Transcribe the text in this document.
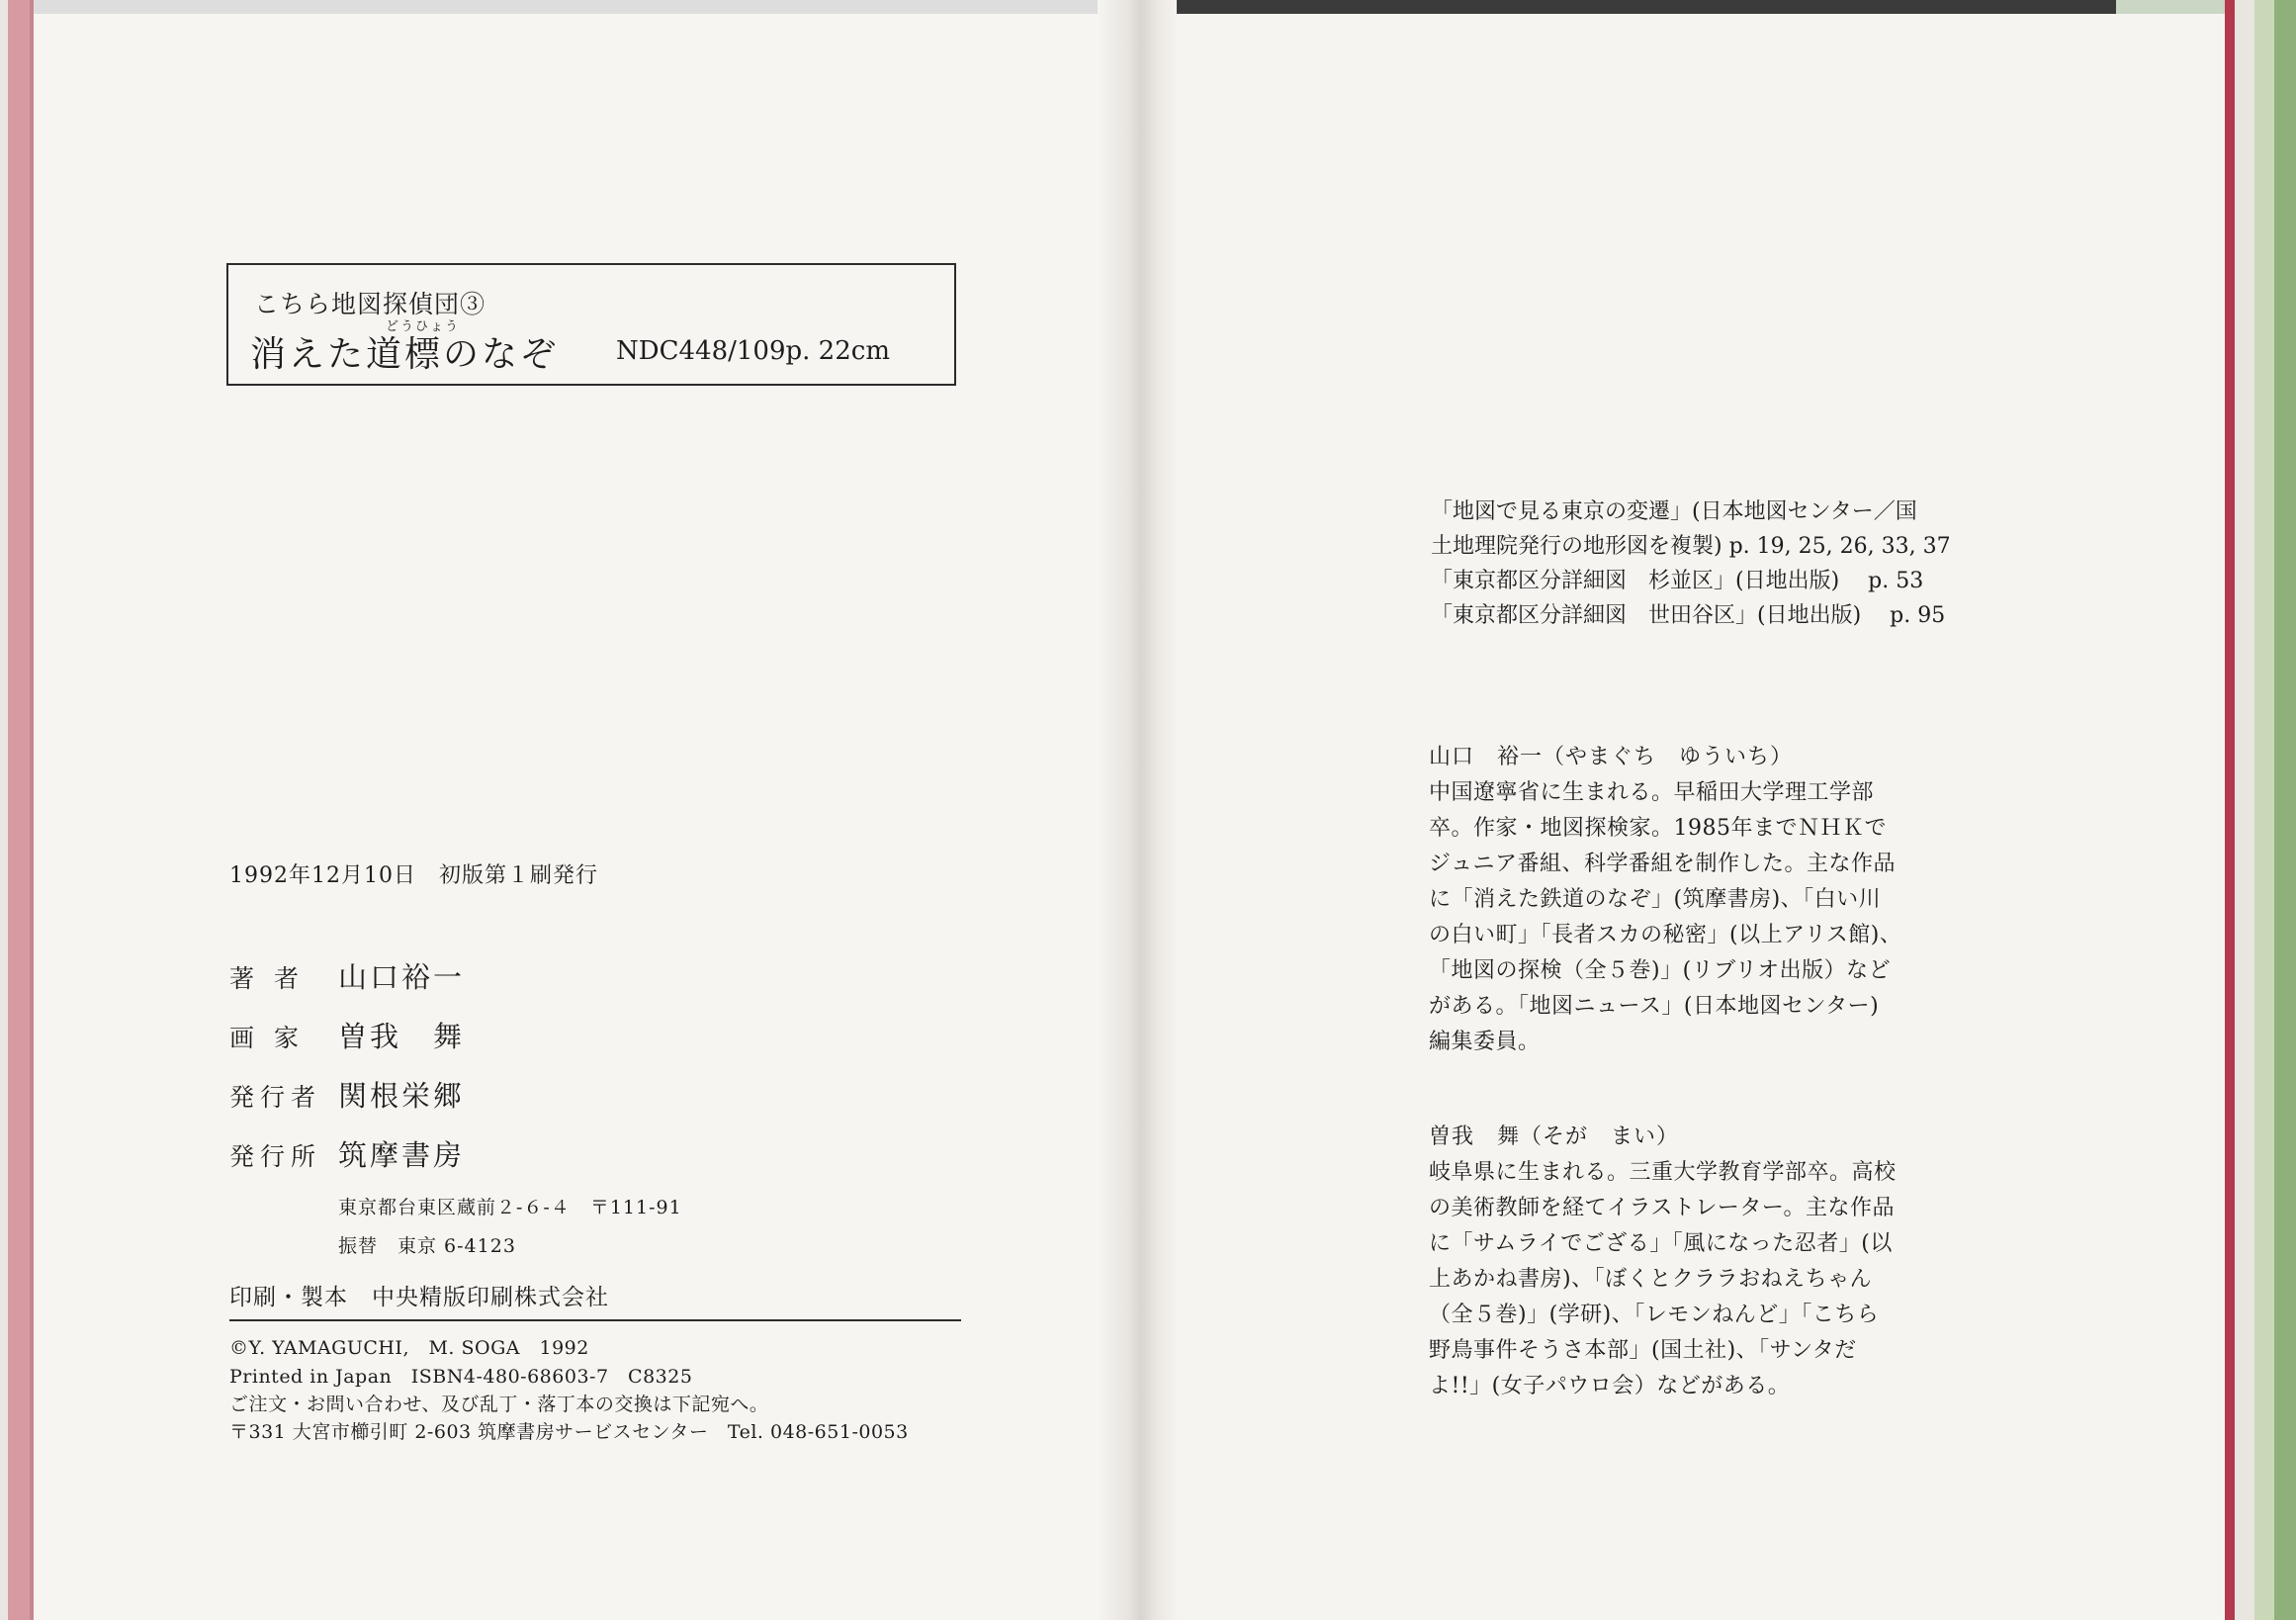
こちら地図探偵団③
どうひょう
消えた道標のなぞ NDC448/109p. 22cm
1992年12月10日　初版第１刷発行
著 者	山口裕一
画 家	曽我　舞
発行者 関根栄郷
発行所 筑摩書房
東京都台東区蔵前２-６-４　〒111-91
振替　東京 6-4123
印刷・製本　中央精版印刷株式会社
©Y. YAMAGUCHI,　M. SOGA　1992
Printed in Japan　ISBN4-480-68603-7　C8325
ご注文・お問い合わせ、及び乱丁・落丁本の交換は下記宛へ。
〒331 大宮市櫛引町 2-603 筑摩書房サービスセンター　Tel. 048-651-0053
「地図で見る東京の変遷」(日本地図センター／国
土地理院発行の地形図を複製) p. 19, 25, 26, 33, 37
「東京都区分詳細図　杉並区」(日地出版)　 p. 53
「東京都区分詳細図　世田谷区」(日地出版)　 p. 95
山口　裕一（やまぐち　ゆういち）
中国遼寧省に生まれる。早稲田大学理工学部
卒。作家・地図探検家。1985年までＮＨＫで
ジュニア番組、科学番組を制作した。主な作品
に「消えた鉄道のなぞ」(筑摩書房)、「白い川
の白い町」「長者スカの秘密」(以上アリス館)、
「地図の探検（全５巻)」(リブリオ出版）など
がある。「地図ニュース」(日本地図センター)
編集委員。
曽我　舞（そが　まい）
岐阜県に生まれる。三重大学教育学部卒。高校
の美術教師を経てイラストレーター。主な作品
に「サムライでござる」「風になった忍者」(以
上あかね書房)、「ぼくとクララおねえちゃん
（全５巻)」(学研)、「レモンねんど」「こちら
野鳥事件そうさ本部」(国土社)、「サンタだ
よ!!」(女子パウロ会）などがある。
